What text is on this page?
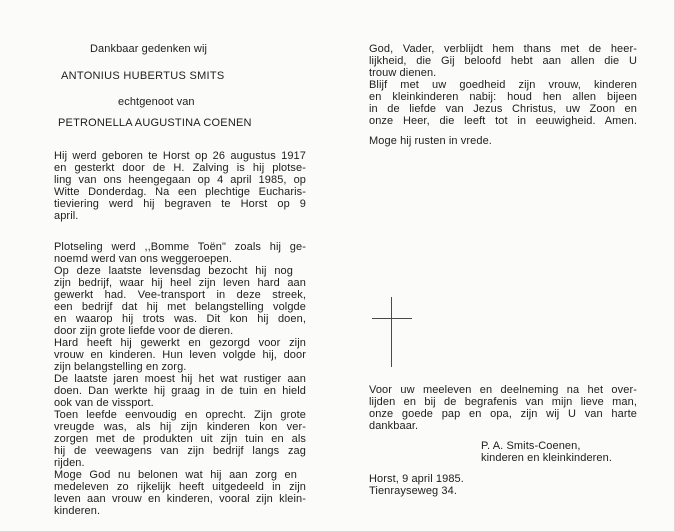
Dankbaar gedenken wij
ANTONIUS HUBERTUS SMITS
echtgenoot van
PETRONELLA AUGUSTINA COENEN
Hij werd geboren te Horst op 26 augustus 1917
en gesterkt door de H. Zalving is hij plotse-
ling van ons heengegaan op 4 april 1985, op
Witte Donderdag. Na een plechtige Eucharis-
tieviering werd hij begraven te Horst op 9
april.
Plotseling werd ,,Bomme Toën" zoals hij ge-
noemd werd van ons weggeroepen.
Op deze laatste levensdag bezocht hij nog
zijn bedrijf, waar hij heel zijn leven hard aan
gewerkt had. Vee-transport in deze streek,
een bedrijf dat hij met belangstelling volgde
en waarop hij trots was. Dit kon hij doen,
door zijn grote liefde voor de dieren.
Hard heeft hij gewerkt en gezorgd voor zijn
vrouw en kinderen. Hun leven volgde hij, door
zijn belangstelling en zorg.
De laatste jaren moest hij het wat rustiger aan
doen. Dan werkte hij graag in de tuin en hield
ook van de vissport.
Toen leefde eenvoudig en oprecht. Zijn grote
vreugde was, als hij zijn kinderen kon ver-
zorgen met de produkten uit zijn tuin en als
hij de veewagens van zijn bedrijf langs zag
rijden.
Moge God nu belonen wat hij aan zorg en
medeleven zo rijkelijk heeft uitgedeeld in zijn
leven aan vrouw en kinderen, vooral zijn klein-
kinderen.
God, Vader, verblijdt hem thans met de heer-
lijkheid, die Gij beloofd hebt aan allen die U
trouw dienen.
Blijf met uw goedheid zijn vrouw, kinderen
en kleinkinderen nabij: houd hen allen bijeen
in de liefde van Jezus Christus, uw Zoon en
onze Heer, die leeft tot in eeuwigheid. Amen.
Moge hij rusten in vrede.
Voor uw meeleven en deelneming na het over-
lijden en bij de begrafenis van mijn lieve man,
onze goede pap en opa, zijn wij U van harte
dankbaar.
P. A. Smits-Coenen,
kinderen en kleinkinderen.
Horst, 9 april 1985.
Tienrayseweg 34.
